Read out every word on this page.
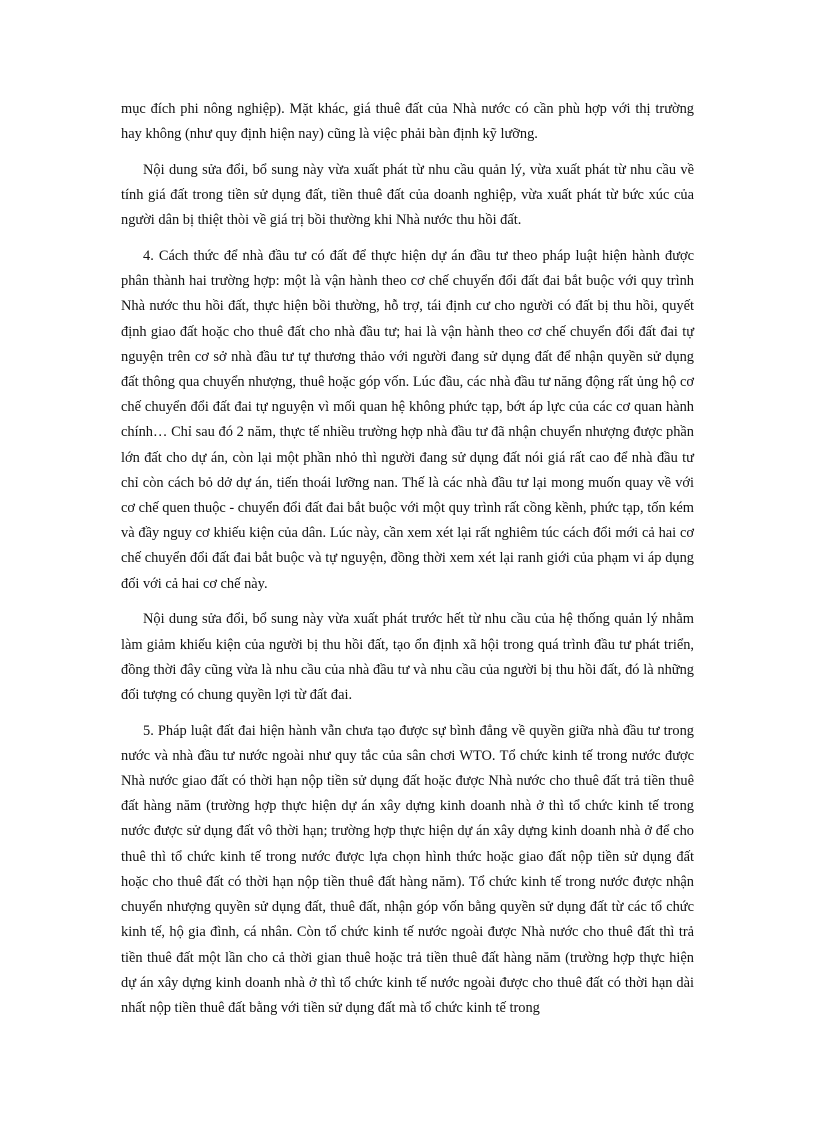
mục đích phi nông nghiệp). Mặt khác, giá thuê đất của Nhà nước có cần phù hợp với thị trường hay không (như quy định hiện nay) cũng là việc phải bàn định kỹ lưỡng.

Nội dung sửa đổi, bổ sung này vừa xuất phát từ nhu cầu quản lý, vừa xuất phát từ nhu cầu về tính giá đất trong tiền sử dụng đất, tiền thuê đất của doanh nghiệp, vừa xuất phát từ bức xúc của người dân bị thiệt thòi về giá trị bồi thường khi Nhà nước thu hồi đất.

4. Cách thức để nhà đầu tư có đất để thực hiện dự án đầu tư theo pháp luật hiện hành được phân thành hai trường hợp: một là vận hành theo cơ chế chuyển đổi đất đai bắt buộc với quy trình Nhà nước thu hồi đất, thực hiện bồi thường, hỗ trợ, tái định cư cho người có đất bị thu hồi, quyết định giao đất hoặc cho thuê đất cho nhà đầu tư; hai là vận hành theo cơ chế chuyển đổi đất đai tự nguyện trên cơ sở nhà đầu tư tự thương thảo với người đang sử dụng đất để nhận quyền sử dụng đất thông qua chuyển nhượng, thuê hoặc góp vốn. Lúc đầu, các nhà đầu tư năng động rất ủng hộ cơ chế chuyển đổi đất đai tự nguyện vì mối quan hệ không phức tạp, bớt áp lực của các cơ quan hành chính… Chỉ sau đó 2 năm, thực tế nhiều trường hợp nhà đầu tư đã nhận chuyển nhượng được phần lớn đất cho dự án, còn lại một phần nhỏ thì người đang sử dụng đất nói giá rất cao để nhà đầu tư chỉ còn cách bỏ dở dự án, tiến thoái lưỡng nan. Thế là các nhà đầu tư lại mong muốn quay về với cơ chế quen thuộc - chuyển đổi đất đai bắt buộc với một quy trình rất cồng kềnh, phức tạp, tốn kém và đầy nguy cơ khiếu kiện của dân. Lúc này, cần xem xét lại rất nghiêm túc cách đổi mới cả hai cơ chế chuyển đổi đất đai bắt buộc và tự nguyện, đồng thời xem xét lại ranh giới của phạm vi áp dụng đối với cả hai cơ chế này.

Nội dung sửa đổi, bổ sung này vừa xuất phát trước hết từ nhu cầu của hệ thống quản lý nhằm làm giảm khiếu kiện của người bị thu hồi đất, tạo ổn định xã hội trong quá trình đầu tư phát triển, đồng thời đây cũng vừa là nhu cầu của nhà đầu tư và nhu cầu của người bị thu hồi đất, đó là những đối tượng có chung quyền lợi từ đất đai.

5. Pháp luật đất đai hiện hành vẫn chưa tạo được sự bình đẳng về quyền giữa nhà đầu tư trong nước và nhà đầu tư nước ngoài như quy tắc của sân chơi WTO. Tổ chức kinh tế trong nước được Nhà nước giao đất có thời hạn nộp tiền sử dụng đất hoặc được Nhà nước cho thuê đất trả tiền thuê đất hàng năm (trường hợp thực hiện dự án xây dựng kinh doanh nhà ở thì tổ chức kinh tế trong nước được sử dụng đất vô thời hạn; trường hợp thực hiện dự án xây dựng kinh doanh nhà ở để cho thuê thì tổ chức kinh tế trong nước được lựa chọn hình thức hoặc giao đất nộp tiền sử dụng đất hoặc cho thuê đất có thời hạn nộp tiền thuê đất hàng năm). Tổ chức kinh tế trong nước được nhận chuyển nhượng quyền sử dụng đất, thuê đất, nhận góp vốn bằng quyền sử dụng đất từ các tổ chức kinh tế, hộ gia đình, cá nhân. Còn tổ chức kinh tế nước ngoài được Nhà nước cho thuê đất thì trả tiền thuê đất một lần cho cả thời gian thuê hoặc trả tiền thuê đất hàng năm (trường hợp thực hiện dự án xây dựng kinh doanh nhà ở thì tổ chức kinh tế nước ngoài được cho thuê đất có thời hạn dài nhất nộp tiền thuê đất bằng với tiền sử dụng đất mà tổ chức kinh tế trong
